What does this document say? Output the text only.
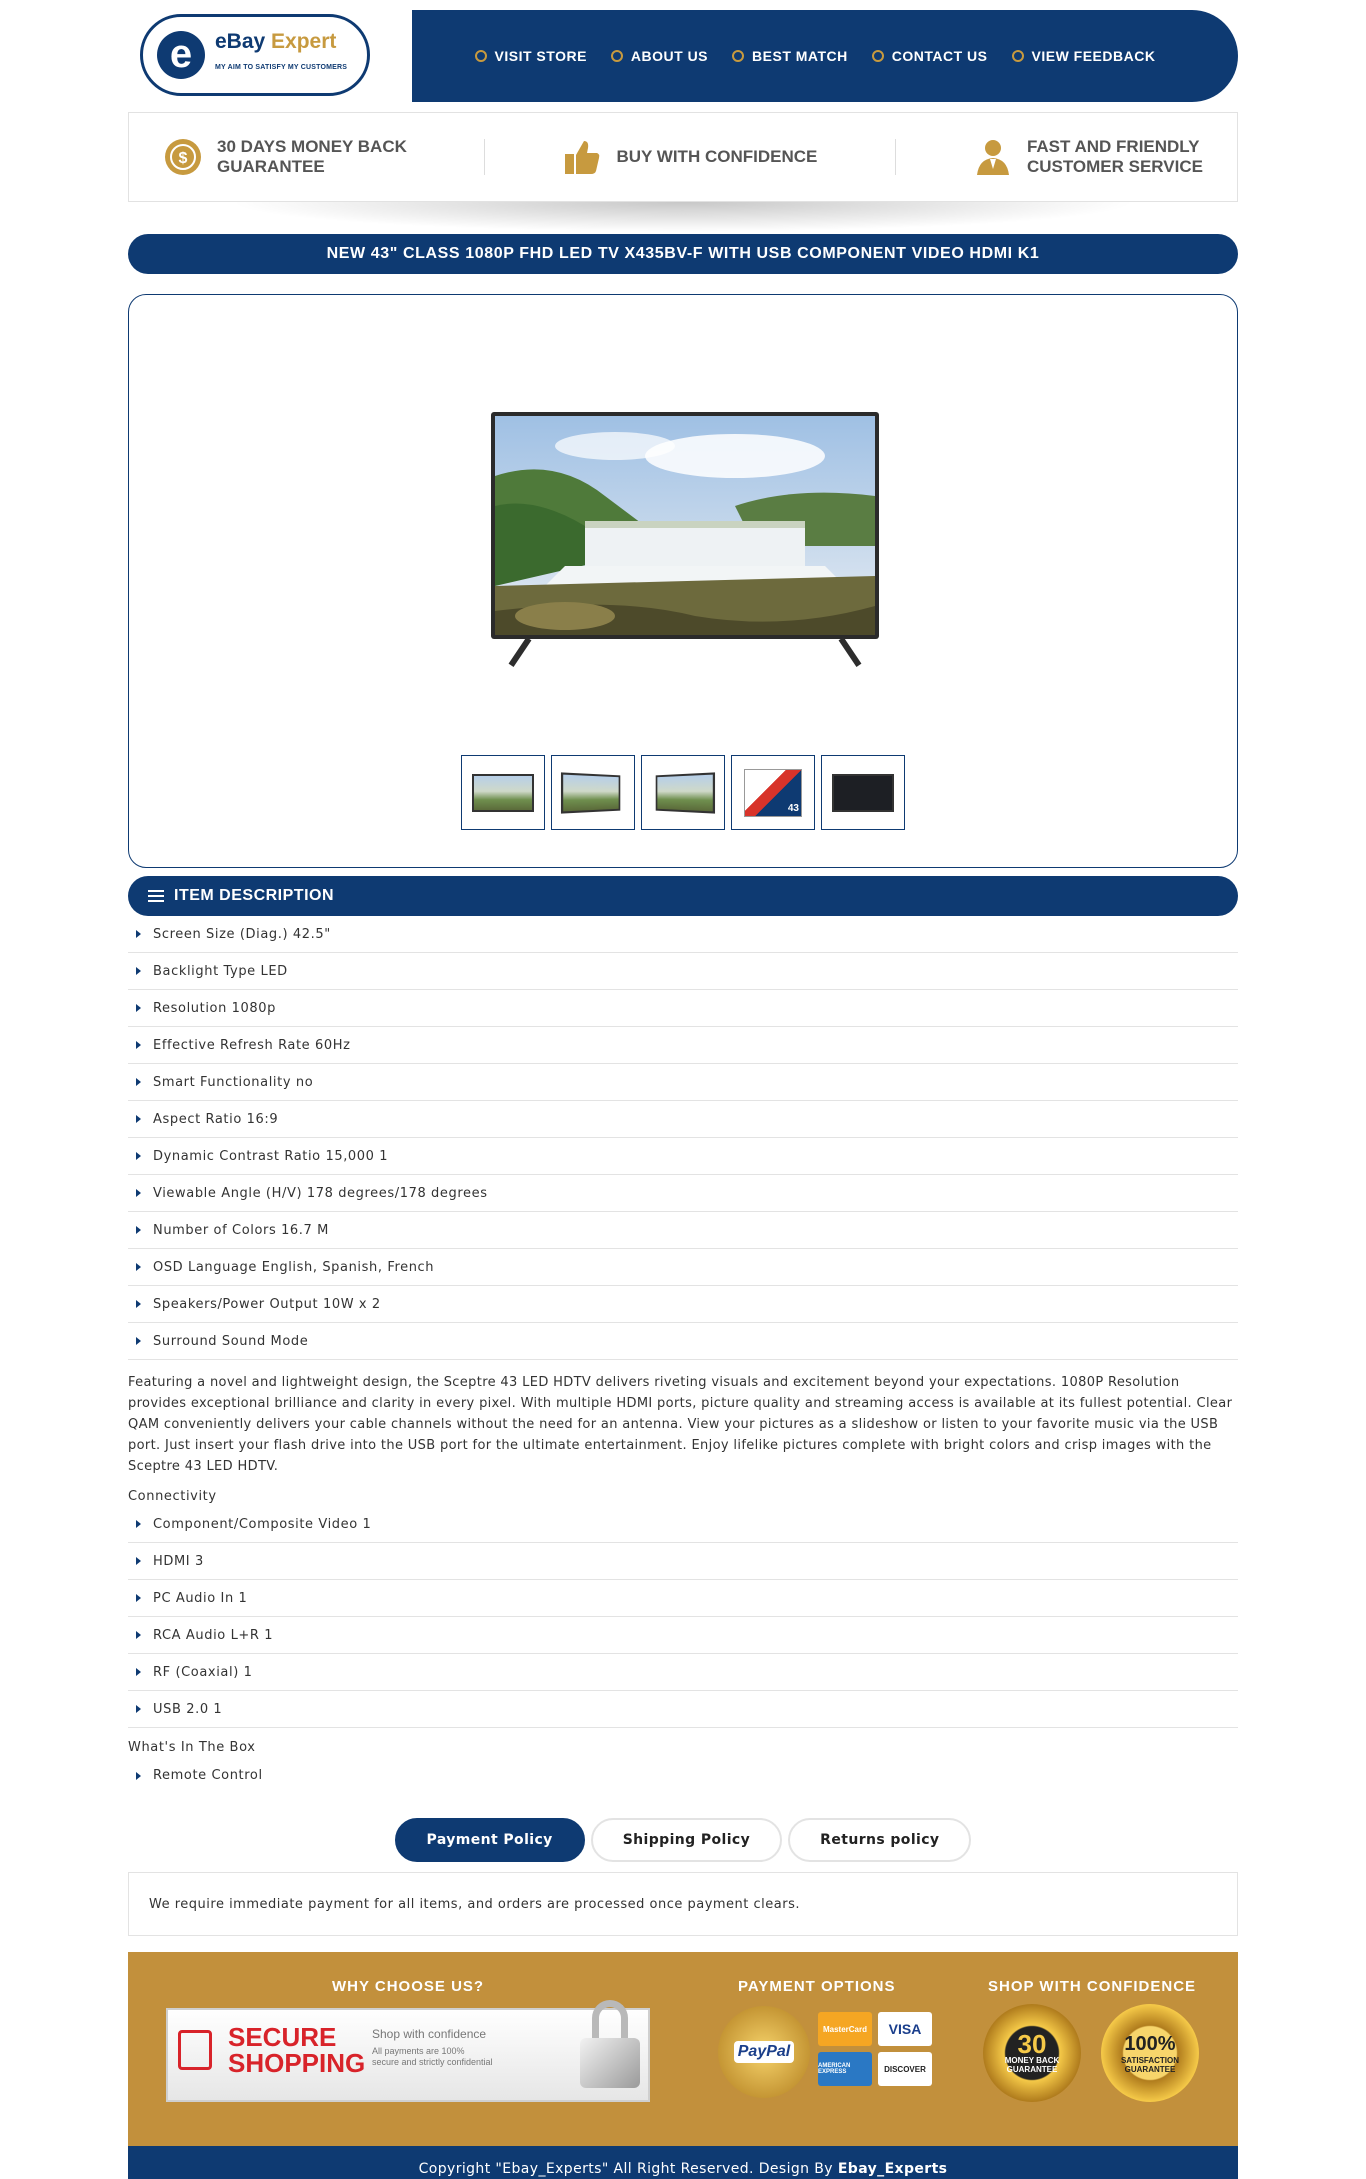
e	eBay Expert
MY AIM TO SATISFY MY CUSTOMERS
VISIT STORE	ABOUT US	BEST MATCH	CONTACT US	VIEW FEEDBACK
$
30 DAYS MONEY BACK
GUARANTEE
BUY WITH CONFIDENCE
FAST AND FRIENDLY
CUSTOMER SERVICE
NEW 43" CLASS 1080P FHD LED TV X435BV-F WITH USB COMPONENT VIDEO HDMI K1
43
ITEM DESCRIPTION
Screen Size (Diag.) 42.5"
Backlight Type LED
Resolution 1080p
Effective Refresh Rate 60Hz
Smart Functionality no
Aspect Ratio 16:9
Dynamic Contrast Ratio 15,000 1
Viewable Angle (H/V) 178 degrees/178 degrees
Number of Colors 16.7 M
OSD Language English, Spanish, French
Speakers/Power Output 10W x 2
Surround Sound Mode

Featuring a novel and lightweight design, the Sceptre 43 LED HDTV delivers riveting visuals and excitement beyond your expectations. 1080P Resolution provides exceptional brilliance and clarity in every pixel. With multiple HDMI ports, picture quality and streaming access is available at its fullest potential. Clear QAM conveniently delivers your cable channels without the need for an antenna. View your pictures as a slideshow or listen to your favorite music via the USB port. Just insert your flash drive into the USB port for the ultimate entertainment. Enjoy lifelike pictures complete with bright colors and crisp images with the Sceptre 43 LED HDTV.

Connectivity
Component/Composite Video 1
HDMI 3
PC Audio In 1
RCA Audio L+R 1
RF (Coaxial) 1
USB 2.0 1
What's In The Box
Remote Control
Payment Policy	Shipping Policy	Returns policy
We require immediate payment for all items, and orders are processed once payment clears.
WHY CHOOSE US?	PAYMENT OPTIONS	SHOP WITH CONFIDENCE
SECURE
SHOPPING
Shop with confidence
All payments are 100%
secure and strictly confidential
PayPal
MasterCard	VISA
AMERICAN EXPRESS	DISCOVER
30
MONEY BACK GUARANTEE
100%
SATISFACTION GUARANTEE
Copyright "Ebay_Experts" All Right Reserved. Design By Ebay_Experts
